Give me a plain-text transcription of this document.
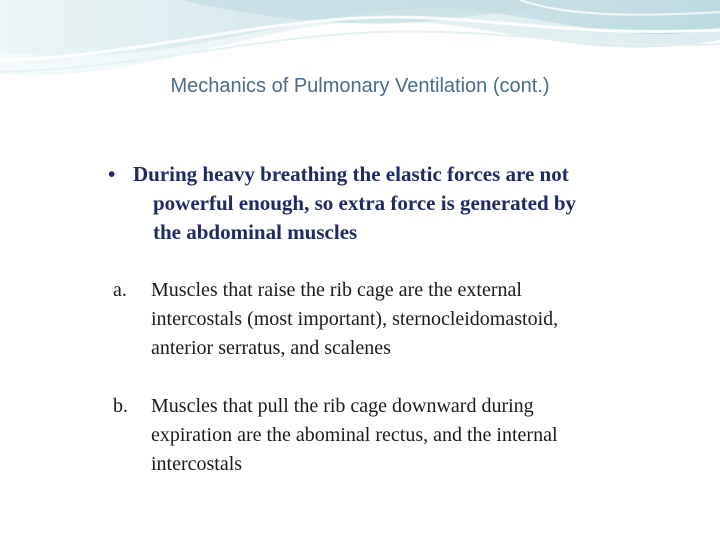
Mechanics of Pulmonary Ventilation (cont.)
• During heavy breathing the elastic forces are not
powerful enough, so extra force is generated by
the abdominal muscles
a.	Muscles that raise the rib cage are the external
intercostals (most important), sternocleidomastoid,
anterior serratus, and scalenes
b.	Muscles that pull the rib cage downward during
expiration are the abominal rectus, and the internal
intercostals
